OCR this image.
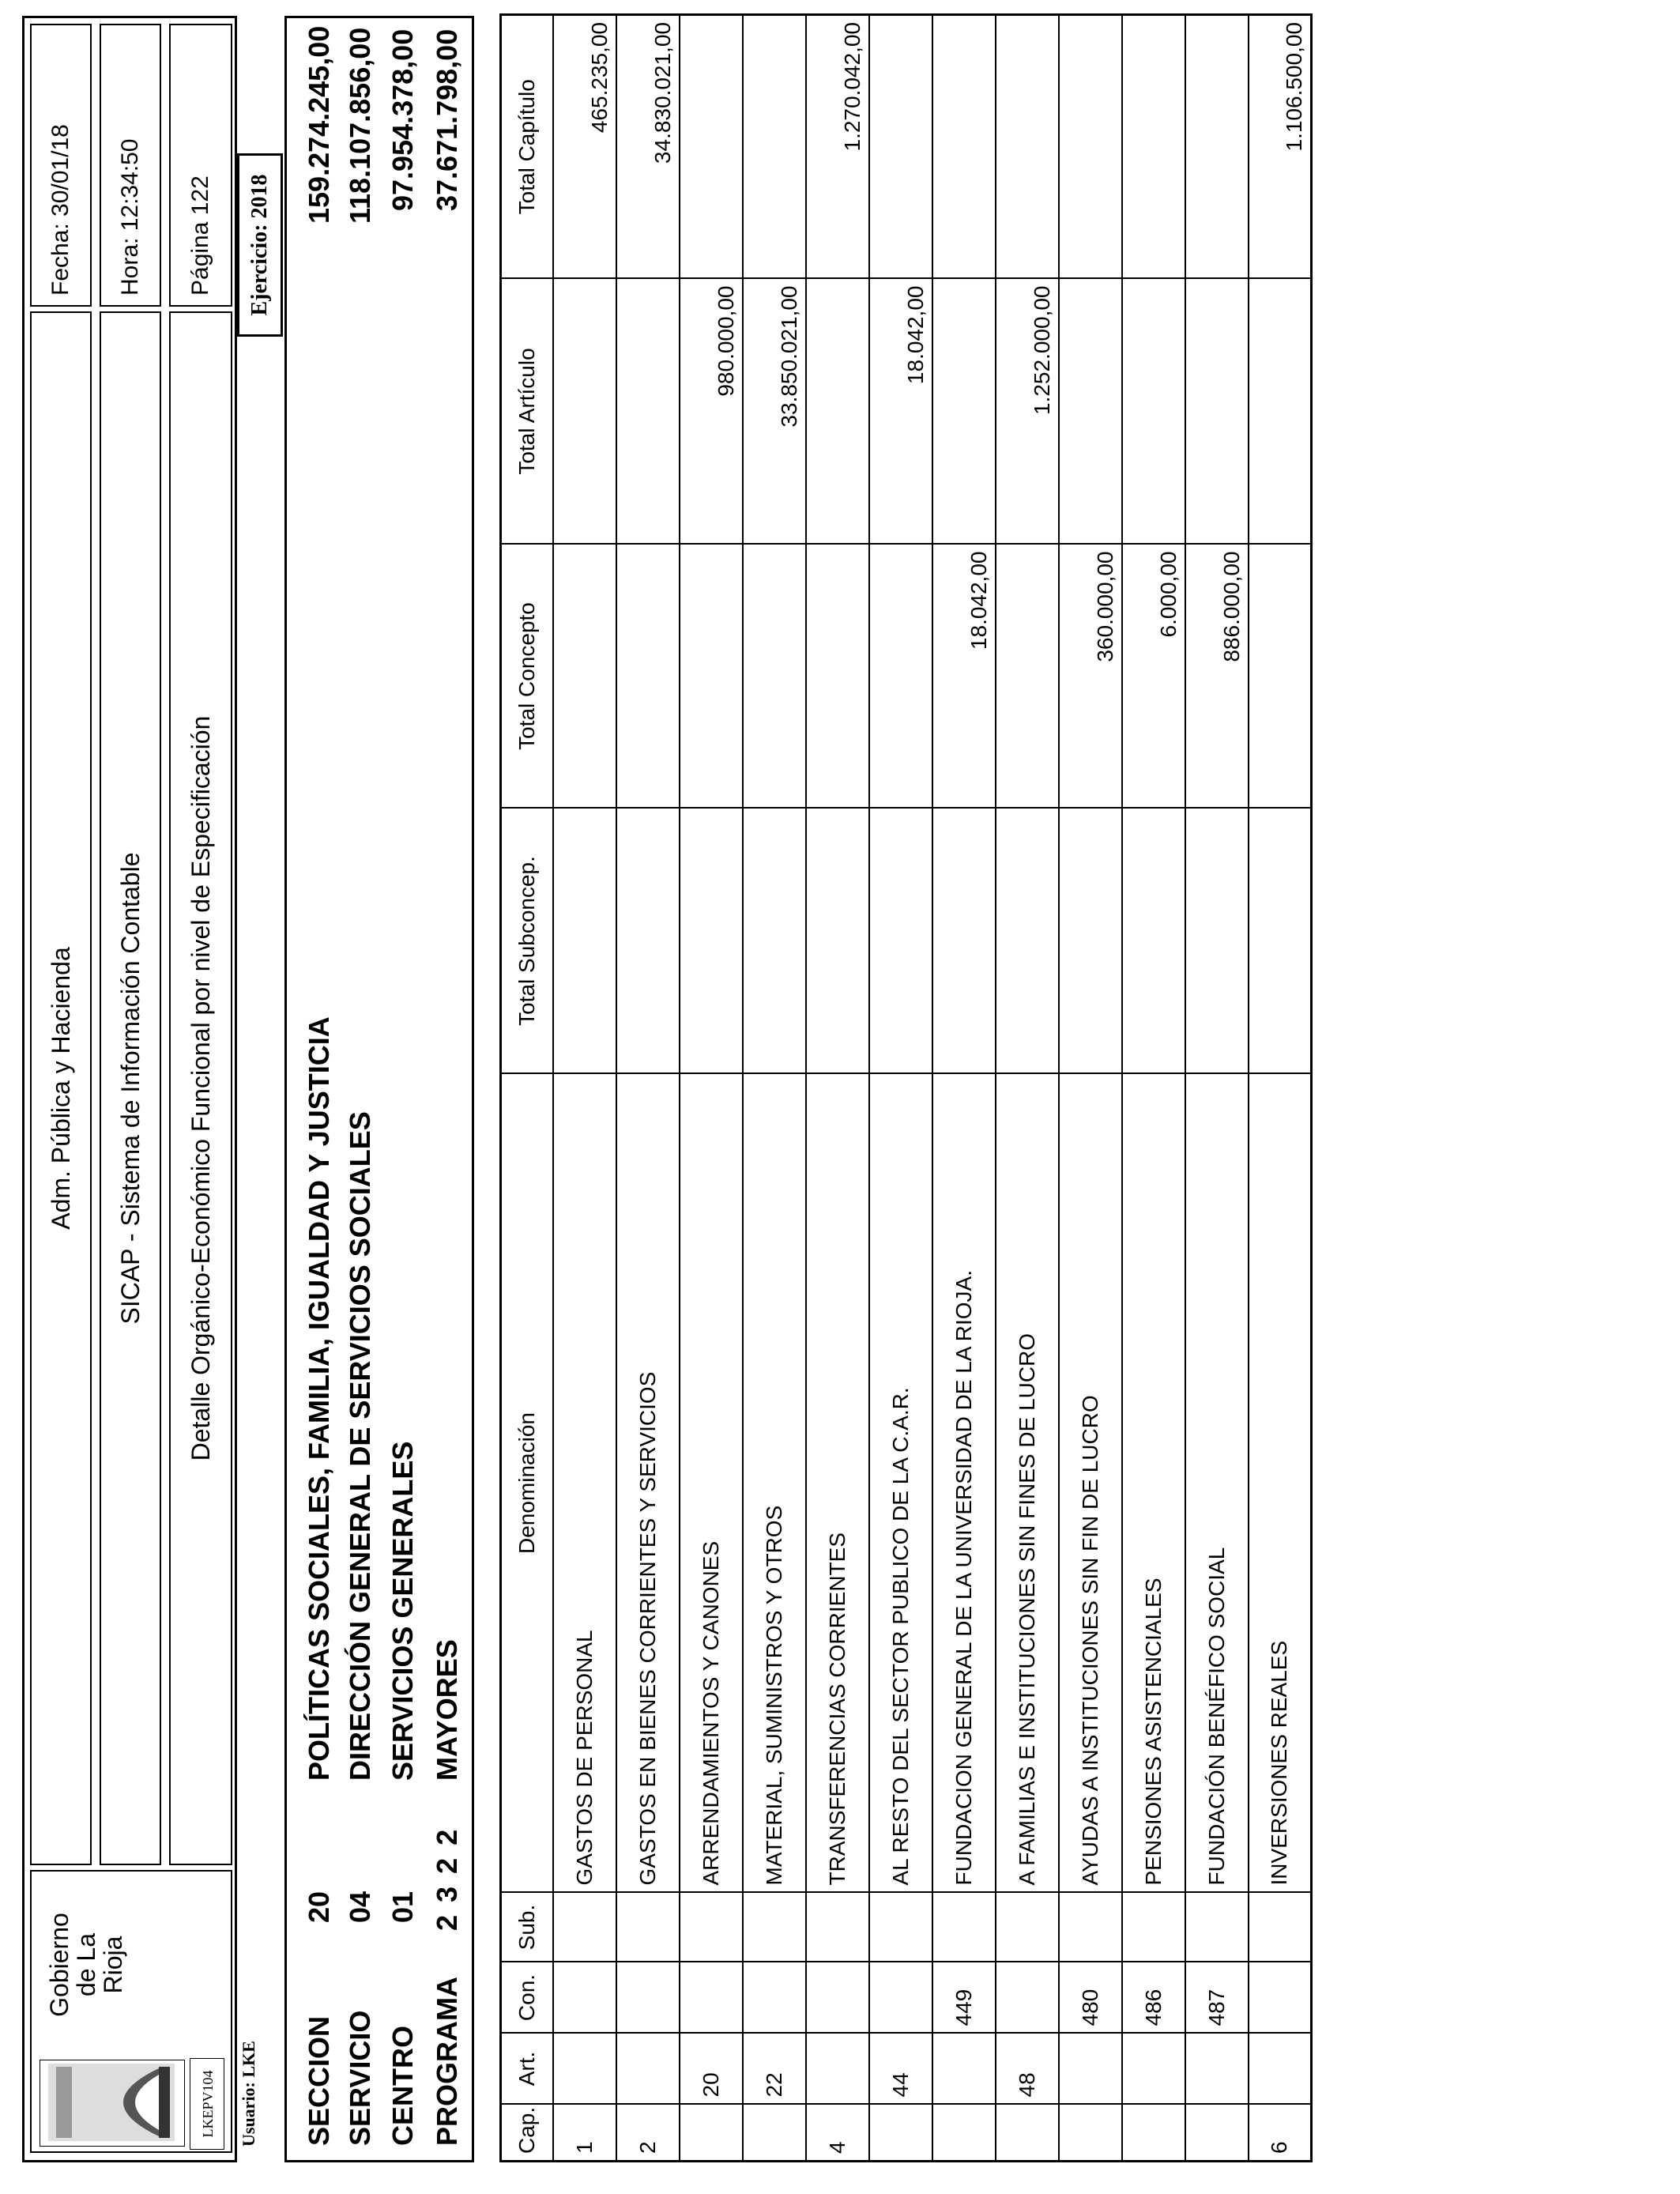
LKEPV104
Gobierno
de La
Rioja
Adm. Pública y Hacienda	SICAP - Sistema de Información Contable	Detalle Orgánico-Económico Funcional por nivel de Especificación
Fecha: 30/01/18	Hora: 12:34:50	Página 122
Usuario: LKE
Ejercicio: 2018
SECCION
20
POLÍTICAS SOCIALES, FAMILIA, IGUALDAD Y JUSTICIA
159.274.245,00
SERVICIO
04
DIRECCIÓN GENERAL DE SERVICIOS SOCIALES
118.107.856,00
CENTRO
01
SERVICIOS GENERALES
97.954.378,00
PROGRAMA
2 3 2 2
MAYORES
37.671.798,00
Cap.	Art.	Con.	Sub.	Denominación	Total Subconcep.	Total Concepto	Total Artículo	Total Capítulo
1				GASTOS DE PERSONAL				465.235,00
2				GASTOS EN BIENES CORRIENTES Y SERVICIOS				34.830.021,00
	20			ARRENDAMIENTOS Y CANONES			980.000,00	
	22			MATERIAL, SUMINISTROS Y OTROS			33.850.021,00	
4				TRANSFERENCIAS CORRIENTES				1.270.042,00
	44			AL RESTO DEL SECTOR PUBLICO DE LA C.A.R.			18.042,00	
		449		FUNDACION GENERAL DE LA UNIVERSIDAD DE LA RIOJA.		18.042,00		
	48			A FAMILIAS E INSTITUCIONES SIN FINES DE LUCRO			1.252.000,00	
		480		AYUDAS A INSTITUCIONES SIN FIN DE LUCRO		360.000,00		
		486		PENSIONES ASISTENCIALES		6.000,00		
		487		FUNDACIÓN BENÉFICO SOCIAL		886.000,00		
6				INVERSIONES REALES				1.106.500,00
